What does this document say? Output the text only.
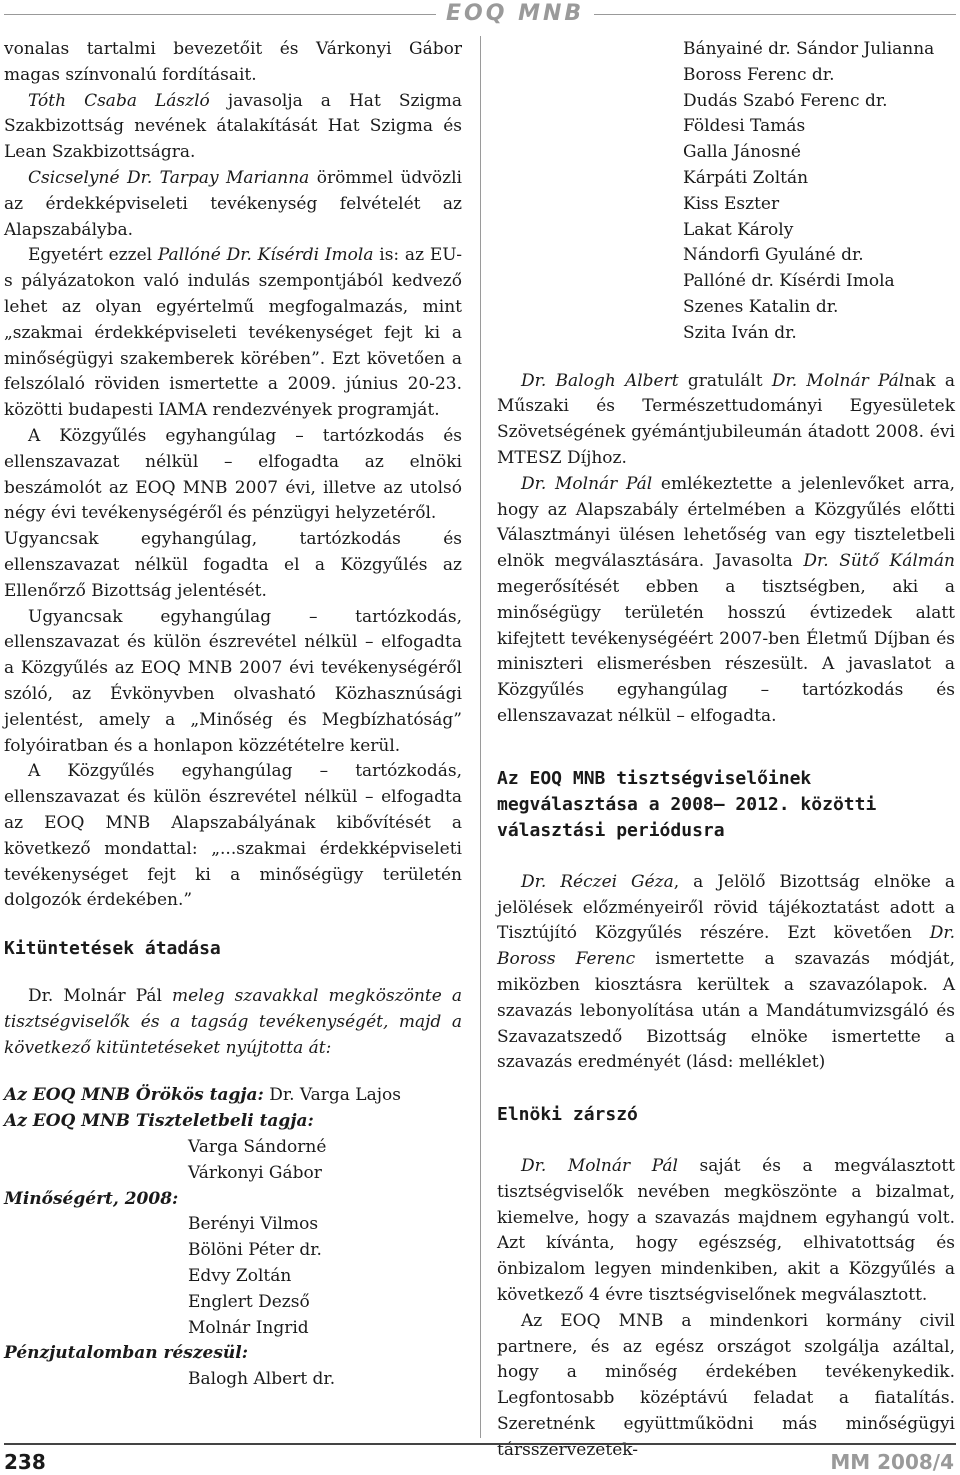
EOQ MNB

vonalas tartalmi bevezetőit és Várkonyi Gábor magas színvonalú fordításait.

Tóth Csaba László javasolja a Hat Szigma Szakbizottság nevének átalakítását Hat Szigma és Lean Szakbizottságra.

Csicselyné Dr. Tarpay Marianna örömmel üdvözli az érdekképviseleti tevékenység felvételét az Alapszabályba.

Egyetért ezzel Pallóné Dr. Kísérdi Imola is: az EU-s pályázatokon való indulás szempontjából kedvező lehet az olyan egyértelmű megfogalmazás, mint „szakmai érdekképviseleti tevékenységet fejt ki a minőségügyi szakemberek körében”. Ezt követően a felszólaló röviden ismertette a 2009. június 20-23. közötti budapesti IAMA rendezvények programját.

A Közgyűlés egyhangúlag – tartózkodás és ellenszavazat nélkül – elfogadta az elnöki beszámolót az EOQ MNB 2007 évi, illetve az utolsó négy évi tevékenységéről és pénzügyi helyzetéről.

Ugyancsak egyhangúlag, tartózkodás és ellenszavazat nélkül fogadta el a Közgyűlés az Ellenőrző Bizottság jelentését.

Ugyancsak egyhangúlag – tartózkodás, ellenszavazat és külön észrevétel nélkül – elfogadta a Közgyűlés az EOQ MNB 2007 évi tevékenységéről szóló, az Évkönyvben olvasható Közhasznúsági jelentést, amely a „Minőség és Megbízhatóság” folyóiratban és a honlapon közzétételre kerül.

A Közgyűlés egyhangúlag – tartózkodás, ellenszavazat és külön észrevétel nélkül – elfogadta az EOQ MNB Alapszabályának kibővítését a következő mondattal: „...szakmai érdekképviseleti tevékenységet fejt ki a minőségügy területén dolgozók érdekében.”

Kitüntetések átadása

Dr. Molnár Pál meleg szavakkal megköszönte a tisztségviselők és a tagság tevékenységét, majd a következő kitüntetéseket nyújtotta át:

Az EOQ MNB Örökös tagja: Dr. Varga Lajos
Az EOQ MNB Tiszteletbeli tagja:
Varga Sándorné
Várkonyi Gábor
Minőségért, 2008:
Berényi Vilmos
Bölöni Péter dr.
Edvy Zoltán
Englert Dezső
Molnár Ingrid
Pénzjutalomban részesül:
Balogh Albert dr.
Bányainé dr. Sándor Julianna
Boross Ferenc dr.
Dudás Szabó Ferenc dr.
Földesi Tamás
Galla Jánosné
Kárpáti Zoltán
Kiss Eszter
Lakat Károly
Nándorfi Gyuláné dr.
Pallóné dr. Kísérdi Imola
Szenes Katalin dr.
Szita Iván dr.

Dr. Balogh Albert gratulált Dr. Molnár Pálnak a Műszaki és Természettudományi Egyesületek Szövetségének gyémántjubileumán átadott 2008. évi MTESZ Díjhoz.

Dr. Molnár Pál emlékeztette a jelenlevőket arra, hogy az Alapszabály értelmében a Közgyűlés előtti Választmányi ülésen lehetőség van egy tiszteletbeli elnök megválasztására. Javasolta Dr. Sütő Kálmán megerősítését ebben a tisztségben, aki a minőségügy területén hosszú évtizedek alatt kifejtett tevékenységéért 2007-ben Életmű Díjban és miniszteri elismerésben részesült. A javaslatot a Közgyűlés egyhangúlag – tartózkodás és ellenszavazat nélkül – elfogadta.

Az EOQ MNB tisztségviselőinek megválasztása a 2008– 2012. közötti választási periódusra

Dr. Réczei Géza, a Jelölő Bizottság elnöke a jelölések előzményeiről rövid tájékoztatást adott a Tisztújító Közgyűlés részére. Ezt követően Dr. Boross Ferenc ismertette a szavazás módját, miközben kiosztásra kerültek a szavazólapok. A szavazás lebonyolítása után a Mandátumvizsgáló és Szavazatszedő Bizottság elnöke ismertette a szavazás eredményét (lásd: melléklet)

Elnöki zárszó

Dr. Molnár Pál saját és a megválasztott tisztségviselők nevében megköszönte a bizalmat, kiemelve, hogy a szavazás majdnem egyhangú volt. Azt kívánta, hogy egészség, elhivatottság és önbizalom legyen mindenkiben, akit a Közgyűlés a következő 4 évre tisztségviselőnek megválasztott.

Az EOQ MNB a mindenkori kormány civil partnere, és az egész országot szolgálja azáltal, hogy a minőség érdekében tevékenykedik. Legfontosabb középtávú feladat a fiatalítás. Szeretnénk együttműködni más minőségügyi társszervezetek-

238	MM 2008/4
